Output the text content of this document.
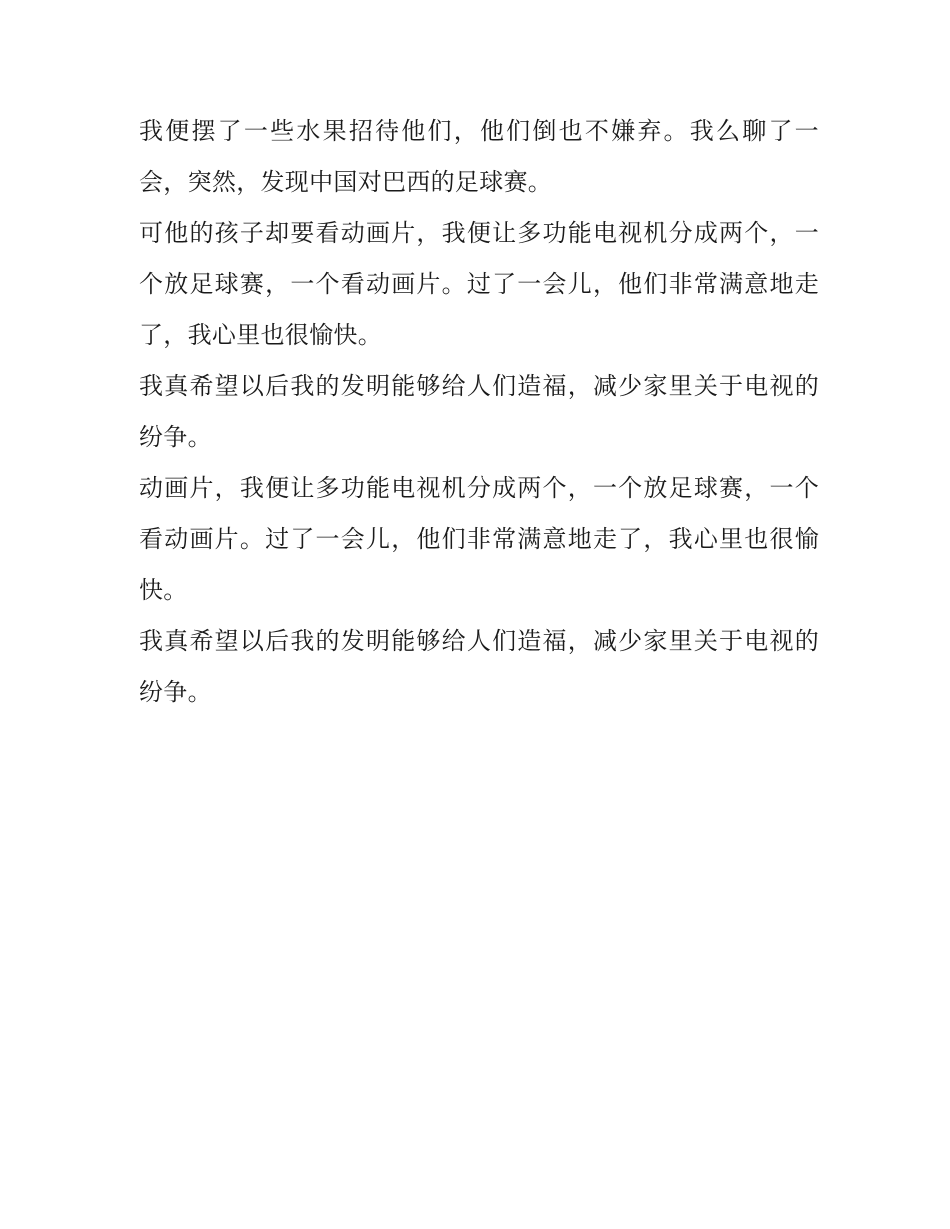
我便摆了一些水果招待他们，他们倒也不嫌弃。我么聊了一会，突然，发现中国对巴西的足球赛。

可他的孩子却要看动画片，我便让多功能电视机分成两个，一个放足球赛，一个看动画片。过了一会儿，他们非常满意地走了，我心里也很愉快。

我真希望以后我的发明能够给人们造福，减少家里关于电视的纷争。

动画片，我便让多功能电视机分成两个，一个放足球赛，一个看动画片。过了一会儿，他们非常满意地走了，我心里也很愉快。

我真希望以后我的发明能够给人们造福，减少家里关于电视的纷争。
